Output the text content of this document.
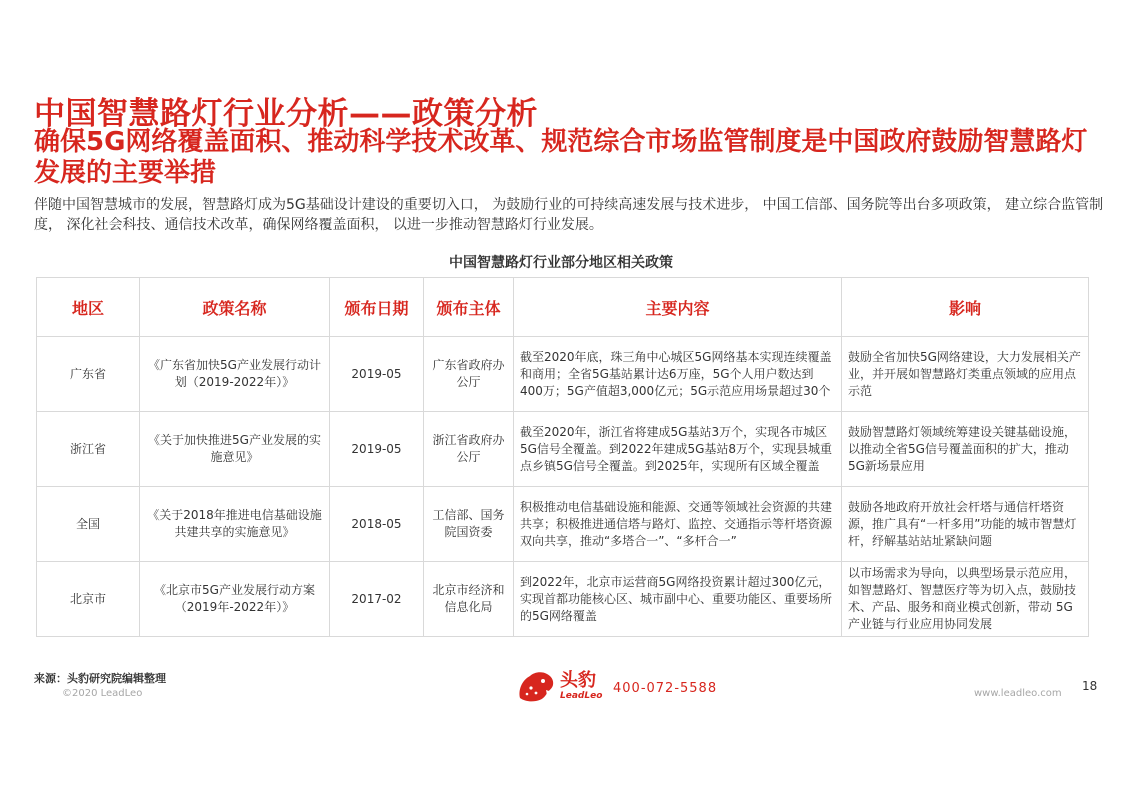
中国智慧路灯行业分析——政策分析
确保5G网络覆盖面积、推动科学技术改革、规范综合市场监管制度是中国政府鼓励智慧路灯发展的主要举措

伴随中国智慧城市的发展，智慧路灯成为5G基础设计建设的重要切入口， 为鼓励行业的可持续高速发展与技术进步， 中国工信部、国务院等出台多项政策， 建立综合监管制度， 深化社会科技、通信技术改革，确保网络覆盖面积， 以进一步推动智慧路灯行业发展。

中国智慧路灯行业部分地区相关政策
地区	政策名称	颁布日期	颁布主体	主要内容	影响
广东省	《广东省加快5G产业发展行动计划（2019-2022年）》	2019-05	广东省政府办公厅	截至2020年底，珠三角中心城区5G网络基本实现连续覆盖和商用；全省5G基站累计达6万座，5G个人用户数达到400万；5G产值超3,000亿元；5G示范应用场景超过30个	鼓励全省加快5G网络建设，大力发展相关产业，并开展如智慧路灯类重点领域的应用点示范
浙江省	《关于加快推进5G产业发展的实施意见》	2019-05	浙江省政府办公厅	截至2020年，浙江省将建成5G基站3万个，实现各市城区5G信号全覆盖。到2022年建成5G基站8万个，实现县城重点乡镇5G信号全覆盖。到2025年，实现所有区域全覆盖	鼓励智慧路灯领域统筹建设关键基础设施，以推动全省5G信号覆盖面积的扩大，推动5G新场景应用
全国	《关于2018年推进电信基础设施共建共享的实施意见》	2018-05	工信部、国务院国资委	积极推动电信基础设施和能源、交通等领域社会资源的共建共享；积极推进通信塔与路灯、监控、交通指示等杆塔资源双向共享，推动“多塔合一”、“多杆合一”	鼓励各地政府开放社会杆塔与通信杆塔资源，推广具有“一杆多用”功能的城市智慧灯杆，纾解基站站址紧缺问题
北京市	《北京市5G产业发展行动方案（2019年-2022年）》	2017-02	北京市经济和信息化局	到2022年，北京市运营商5G网络投资累计超过300亿元，实现首都功能核心区、城市副中心、重要功能区、重要场所的5G网络覆盖	以市场需求为导向，以典型场景示范应用，如智慧路灯、智慧医疗等为切入点，鼓励技术、产品、服务和商业模式创新，带动 5G 产业链与行业应用协同发展
来源：头豹研究院编辑整理
©2020 LeadLeo
头豹
LeadLeo 400-072-5588	www.leadleo.com
18
